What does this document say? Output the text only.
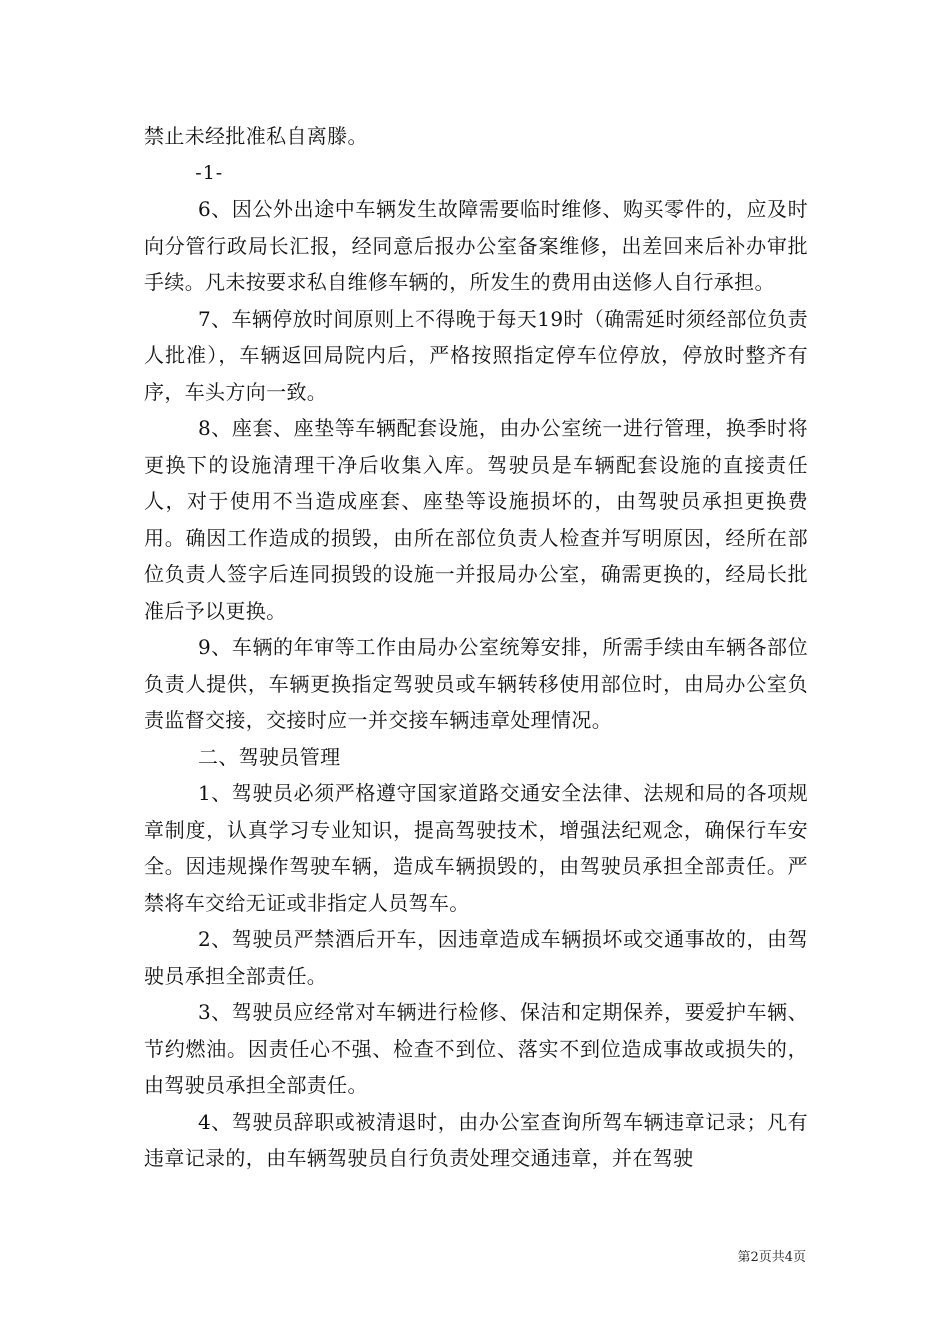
禁止未经批准私自离滕。

-1-

6、因公外出途中车辆发生故障需要临时维修、购买零件的，应及时向分管行政局长汇报，经同意后报办公室备案维修，出差回来后补办审批手续。凡未按要求私自维修车辆的，所发生的费用由送修人自行承担。

7、车辆停放时间原则上不得晚于每天19时（确需延时须经部位负责人批准），车辆返回局院内后，严格按照指定停车位停放，停放时整齐有序，车头方向一致。

8、座套、座垫等车辆配套设施，由办公室统一进行管理，换季时将更换下的设施清理干净后收集入库。驾驶员是车辆配套设施的直接责任人，对于使用不当造成座套、座垫等设施损坏的，由驾驶员承担更换费用。确因工作造成的损毁，由所在部位负责人检查并写明原因，经所在部位负责人签字后连同损毁的设施一并报局办公室，确需更换的，经局长批准后予以更换。

9、车辆的年审等工作由局办公室统筹安排，所需手续由车辆各部位负责人提供，车辆更换指定驾驶员或车辆转移使用部位时，由局办公室负责监督交接，交接时应一并交接车辆违章处理情况。

二、驾驶员管理

1、驾驶员必须严格遵守国家道路交通安全法律、法规和局的各项规章制度，认真学习专业知识，提高驾驶技术，增强法纪观念，确保行车安全。因违规操作驾驶车辆，造成车辆损毁的，由驾驶员承担全部责任。严禁将车交给无证或非指定人员驾车。

2、驾驶员严禁酒后开车，因违章造成车辆损坏或交通事故的，由驾驶员承担全部责任。

3、驾驶员应经常对车辆进行检修、保洁和定期保养，要爱护车辆、节约燃油。因责任心不强、检查不到位、落实不到位造成事故或损失的，由驾驶员承担全部责任。

4、驾驶员辞职或被清退时，由办公室查询所驾车辆违章记录；凡有违章记录的，由车辆驾驶员自行负责处理交通违章，并在驾驶

第2页共4页
